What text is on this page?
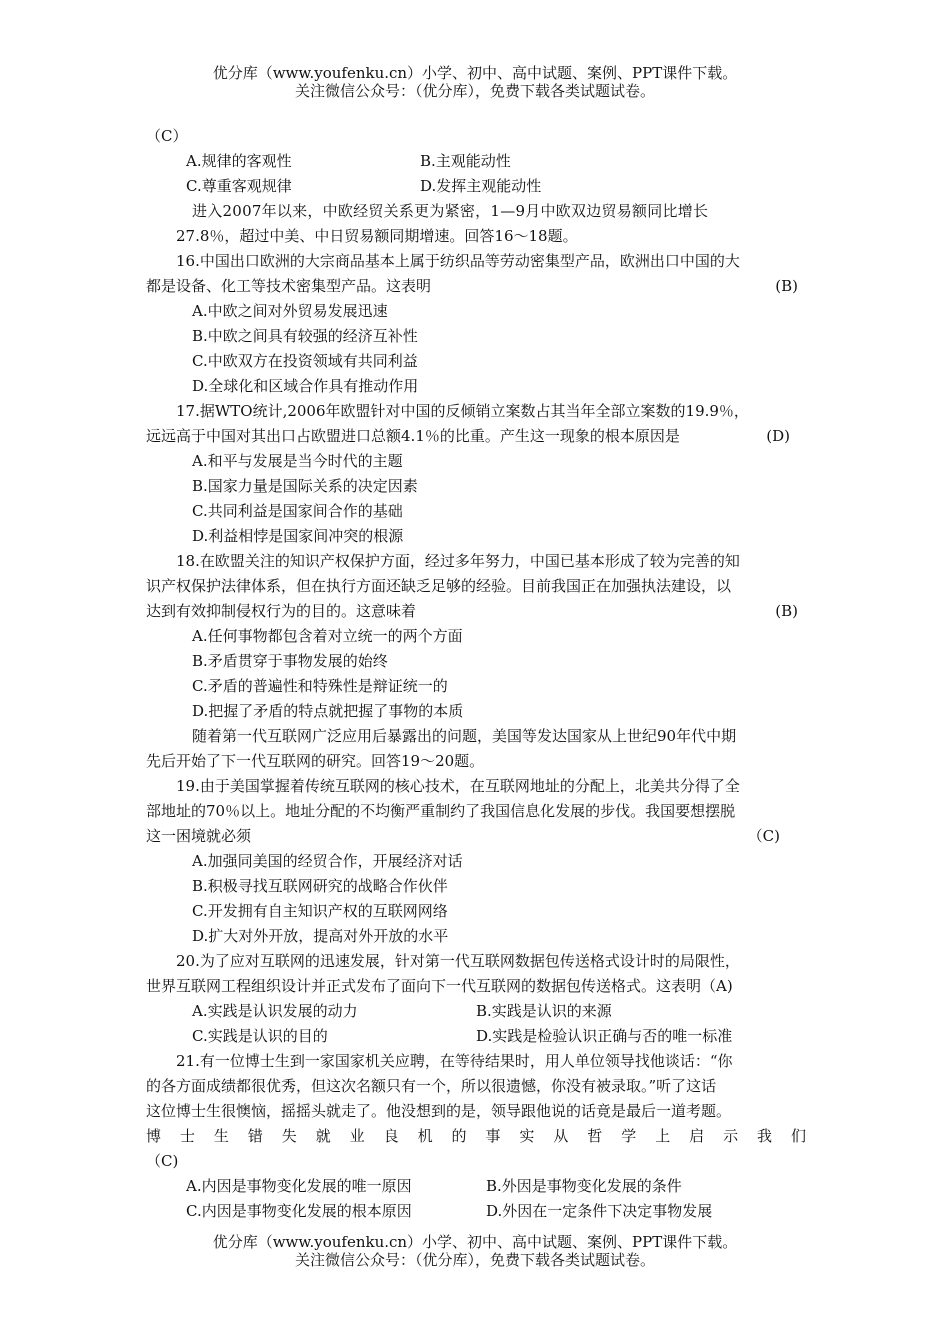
优分库（www.youfenku.cn）小学、初中、高中试题、案例、PPT课件下载。
关注微信公众号：（优分库），免费下载各类试题试卷。
（C）
A.规律的客观性	B.主观能动性
C.尊重客观规律	D.发挥主观能动性
进入2007年以来，中欧经贸关系更为紧密，1—9月中欧双边贸易额同比增长
27.8％，超过中美、中日贸易额同期增速。回答16～18题。
16.中国出口欧洲的大宗商品基本上属于纺织品等劳动密集型产品，欧洲出口中国的大
都是设备、化工等技术密集型产品。这表明	(B)
A.中欧之间对外贸易发展迅速
B.中欧之间具有较强的经济互补性
C.中欧双方在投资领域有共同利益
D.全球化和区域合作具有推动作用
17.据WTO统计,2006年欧盟针对中国的反倾销立案数占其当年全部立案数的19.9％，
远远高于中国对其出口占欧盟进口总额4.1％的比重。产生这一现象的根本原因是	(D)
A.和平与发展是当今时代的主题
B.国家力量是国际关系的决定因素
C.共同利益是国家间合作的基础
D.利益相悖是国家间冲突的根源
18.在欧盟关注的知识产权保护方面，经过多年努力，中国已基本形成了较为完善的知
识产权保护法律体系，但在执行方面还缺乏足够的经验。目前我国正在加强执法建设，以
达到有效抑制侵权行为的目的。这意味着	(B)
A.任何事物都包含着对立统一的两个方面
B.矛盾贯穿于事物发展的始终
C.矛盾的普遍性和特殊性是辩证统一的
D.把握了矛盾的特点就把握了事物的本质
随着第一代互联网广泛应用后暴露出的问题，美国等发达国家从上世纪90年代中期
先后开始了下一代互联网的研究。回答19～20题。
19.由于美国掌握着传统互联网的核心技术，在互联网地址的分配上，北美共分得了全
部地址的70％以上。地址分配的不均衡严重制约了我国信息化发展的步伐。我国要想摆脱
这一困境就必须	（C)
A.加强同美国的经贸合作，开展经济对话
B.积极寻找互联网研究的战略合作伙伴
C.开发拥有自主知识产权的互联网网络
D.扩大对外开放，提高对外开放的水平
20.为了应对互联网的迅速发展，针对第一代互联网数据包传送格式设计时的局限性，
世界互联网工程组织设计并正式发布了面向下一代互联网的数据包传送格式。这表明（A)
A.实践是认识发展的动力	B.实践是认识的来源
C.实践是认识的目的	D.实践是检验认识正确与否的唯一标准
21.有一位博士生到一家国家机关应聘，在等待结果时，用人单位领导找他谈话：“你
的各方面成绩都很优秀，但这次名额只有一个，所以很遗憾，你没有被录取。”听了这话
这位博士生很懊恼，摇摇头就走了。他没想到的是，领导跟他说的话竟是最后一道考题。
博士生错失就业良机的事实从哲学上启示我们
（C)
A.内因是事物变化发展的唯一原因	B.外因是事物变化发展的条件
C.内因是事物变化发展的根本原因	D.外因在一定条件下决定事物发展
优分库（www.youfenku.cn）小学、初中、高中试题、案例、PPT课件下载。
关注微信公众号：（优分库），免费下载各类试题试卷。
